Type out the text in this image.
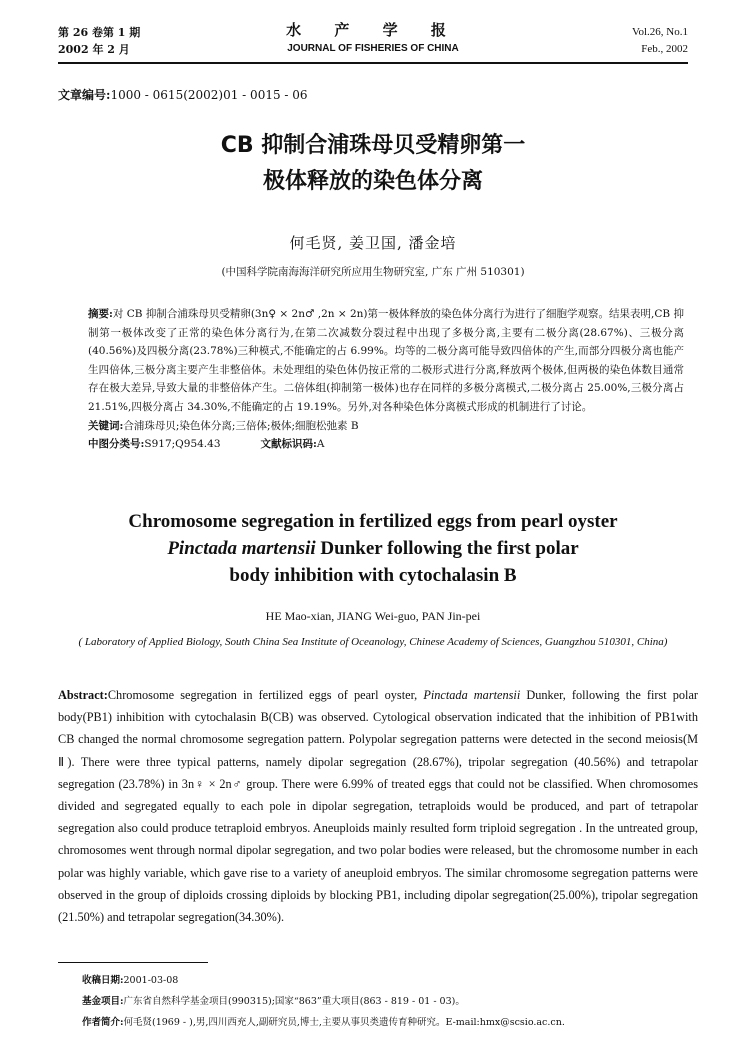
第 26 卷第 1 期
2002 年 2 月
水 产 学 报
JOURNAL OF FISHERIES OF CHINA
Vol.26, No.1
Feb., 2002
文章编号:1000 - 0615(2002)01 - 0015 - 06
CB 抑制合浦珠母贝受精卵第一
极体释放的染色体分离
何毛贤, 姜卫国, 潘金培
(中国科学院南海海洋研究所应用生物研究室, 广东 广州 510301)

摘要:对 CB 抑制合浦珠母贝受精卵(3n♀ × 2n♂ ,2n × 2n)第一极体释放的染色体分离行为进行了细胞学观察。结果表明,CB 抑制第一极体改变了正常的染色体分离行为,在第二次减数分裂过程中出现了多极分离,主要有二极分离(28.67%)、三极分离(40.56%)及四极分离(23.78%)三种模式,不能确定的占 6.99%。均等的二极分离可能导致四倍体的产生,而部分四极分离也能产生四倍体,三极分离主要产生非整倍体。未处理组的染色体仍按正常的二极形式进行分离,释放两个极体,但两极的染色体数目通常存在极大差异,导致大量的非整倍体产生。二倍体组(抑制第一极体)也存在同样的多极分离模式,二极分离占 25.00%,三极分离占 21.51%,四极分离占 34.30%,不能确定的占 19.19%。另外,对各种染色体分离模式形成的机制进行了讨论。

关键词:合浦珠母贝;染色体分离;三倍体;极体;细胞松弛素 B

中图分类号:S917;Q954.43	文献标识码:A

Chromosome segregation in fertilized eggs from pearl oyster
Pinctada martensii Dunker following the first polar
body inhibition with cytochalasin B
HE Mao-xian, JIANG Wei-guo, PAN Jin-pei
( Laboratory of Applied Biology, South China Sea Institute of Oceanology, Chinese Academy of Sciences, Guangzhou 510301, China)

Abstract:Chromosome segregation in fertilized eggs of pearl oyster, Pinctada martensii Dunker, following the first polar body(PB1) inhibition with cytochalasin B(CB) was observed. Cytological observation indicated that the inhibition of PB1with CB changed the normal chromosome segregation pattern. Polypolar segregation patterns were detected in the second meiosis(M Ⅱ). There were three typical patterns, namely dipolar segregation (28.67%), tripolar segregation (40.56%) and tetrapolar segregation (23.78%) in 3n♀ × 2n♂ group. There were 6.99% of treated eggs that could not be classified. When chromosomes divided and segregated equally to each pole in dipolar segregation, tetraploids would be produced, and part of tetrapolar segregation also could produce tetraploid embryos. Aneuploids mainly resulted form triploid segregation . In the untreated group, chromosomes went through normal dipolar segregation, and two polar bodies were released, but the chromosome number in each polar was highly variable, which gave rise to a variety of aneuploid embryos. The similar chromosome segregation patterns were observed in the group of diploids crossing diploids by blocking PB1, including dipolar segregation(25.00%), tripolar segregation (21.50%) and tetrapolar segregation(34.30%).

收稿日期:2001-03-08
基金项目:广东省自然科学基金项目(990315);国家“863”重大项目(863 - 819 - 01 - 03)。
作者简介:何毛贤(1969 - ),男,四川西充人,副研究员,博士,主要从事贝类遗传育种研究。E-mail:hmx@scsio.ac.cn.
